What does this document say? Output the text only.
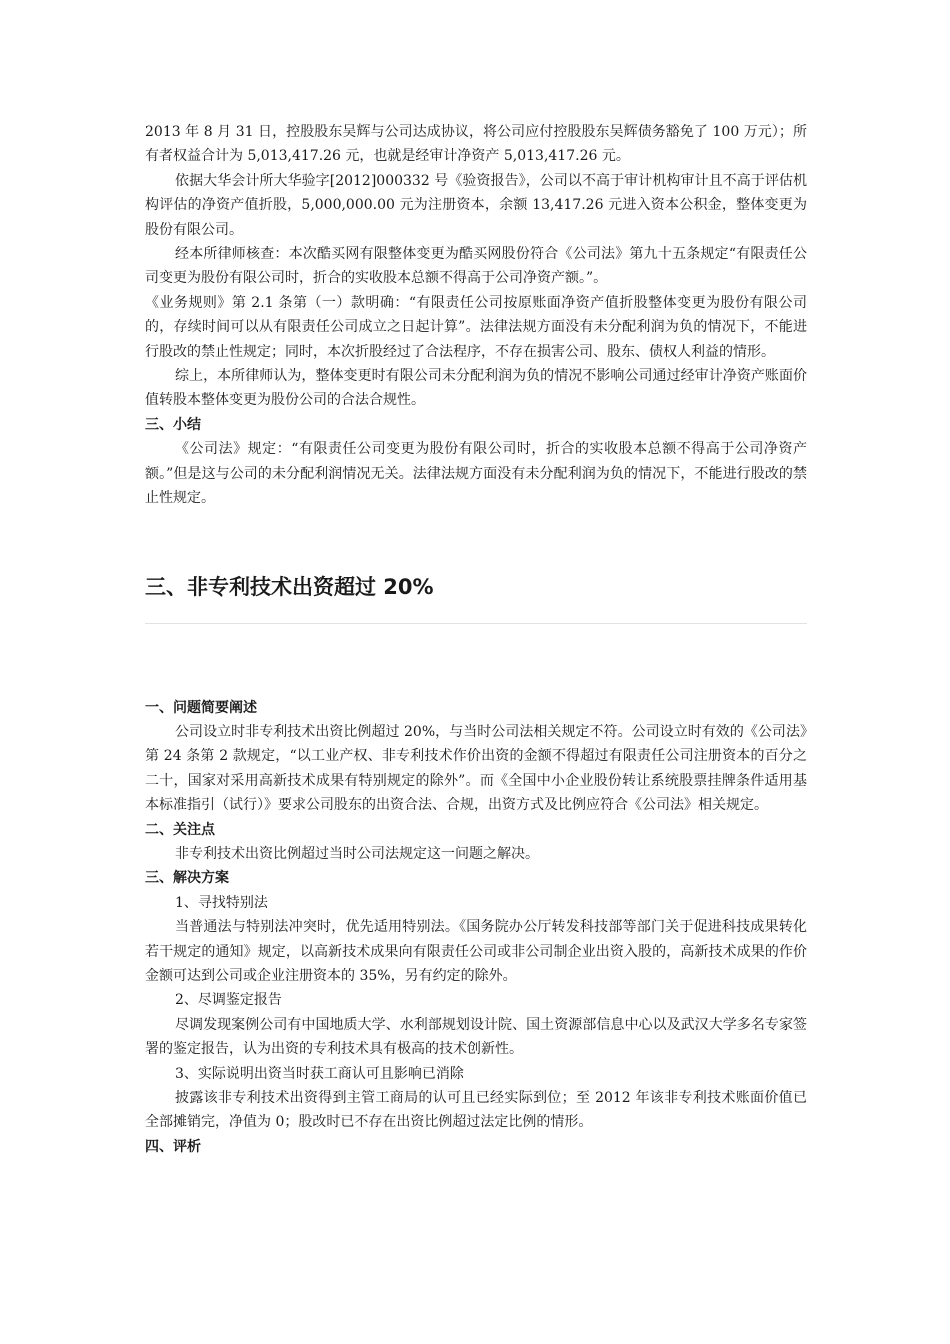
2013 年 8 月 31 日，控股股东吴辉与公司达成协议，将公司应付控股股东吴辉债务豁免了 100 万元）；所有者权益合计为 5,013,417.26 元，也就是经审计净资产 5,013,417.26 元。

依据大华会计所大华验字[2012]000332 号《验资报告》，公司以不高于审计机构审计且不高于评估机构评估的净资产值折股，5,000,000.00 元为注册资本，余额 13,417.26 元进入资本公积金，整体变更为股份有限公司。

经本所律师核查：本次酷买网有限整体变更为酷买网股份符合《公司法》第九十五条规定“有限责任公司变更为股份有限公司时，折合的实收股本总额不得高于公司净资产额。”。

《业务规则》第 2.1 条第（一）款明确：“有限责任公司按原账面净资产值折股整体变更为股份有限公司的，存续时间可以从有限责任公司成立之日起计算”。法律法规方面没有未分配利润为负的情况下，不能进行股改的禁止性规定；同时，本次折股经过了合法程序，不存在损害公司、股东、债权人利益的情形。

综上，本所律师认为，整体变更时有限公司未分配利润为负的情况不影响公司通过经审计净资产账面价值转股本整体变更为股份公司的合法合规性。

三、小结

《公司法》规定：“有限责任公司变更为股份有限公司时，折合的实收股本总额不得高于公司净资产额。”但是这与公司的未分配利润情况无关。法律法规方面没有未分配利润为负的情况下，不能进行股改的禁止性规定。

三、非专利技术出资超过 20%

一、问题简要阐述

公司设立时非专利技术出资比例超过 20%，与当时公司法相关规定不符。公司设立时有效的《公司法》第 24 条第 2 款规定，“以工业产权、非专利技术作价出资的金额不得超过有限责任公司注册资本的百分之二十，国家对采用高新技术成果有特别规定的除外”。而《全国中小企业股份转让系统股票挂牌条件适用基本标准指引（试行）》要求公司股东的出资合法、合规，出资方式及比例应符合《公司法》相关规定。

二、关注点

非专利技术出资比例超过当时公司法规定这一问题之解决。

三、解决方案

1、寻找特别法

当普通法与特别法冲突时，优先适用特别法。《国务院办公厅转发科技部等部门关于促进科技成果转化若干规定的通知》规定，以高新技术成果向有限责任公司或非公司制企业出资入股的，高新技术成果的作价金额可达到公司或企业注册资本的 35%，另有约定的除外。

2、尽调鉴定报告

尽调发现案例公司有中国地质大学、水利部规划设计院、国土资源部信息中心以及武汉大学多名专家签署的鉴定报告，认为出资的专利技术具有极高的技术创新性。

3、实际说明出资当时获工商认可且影响已消除

披露该非专利技术出资得到主管工商局的认可且已经实际到位；至 2012 年该非专利技术账面价值已全部摊销完，净值为 0；股改时已不存在出资比例超过法定比例的情形。

四、评析
